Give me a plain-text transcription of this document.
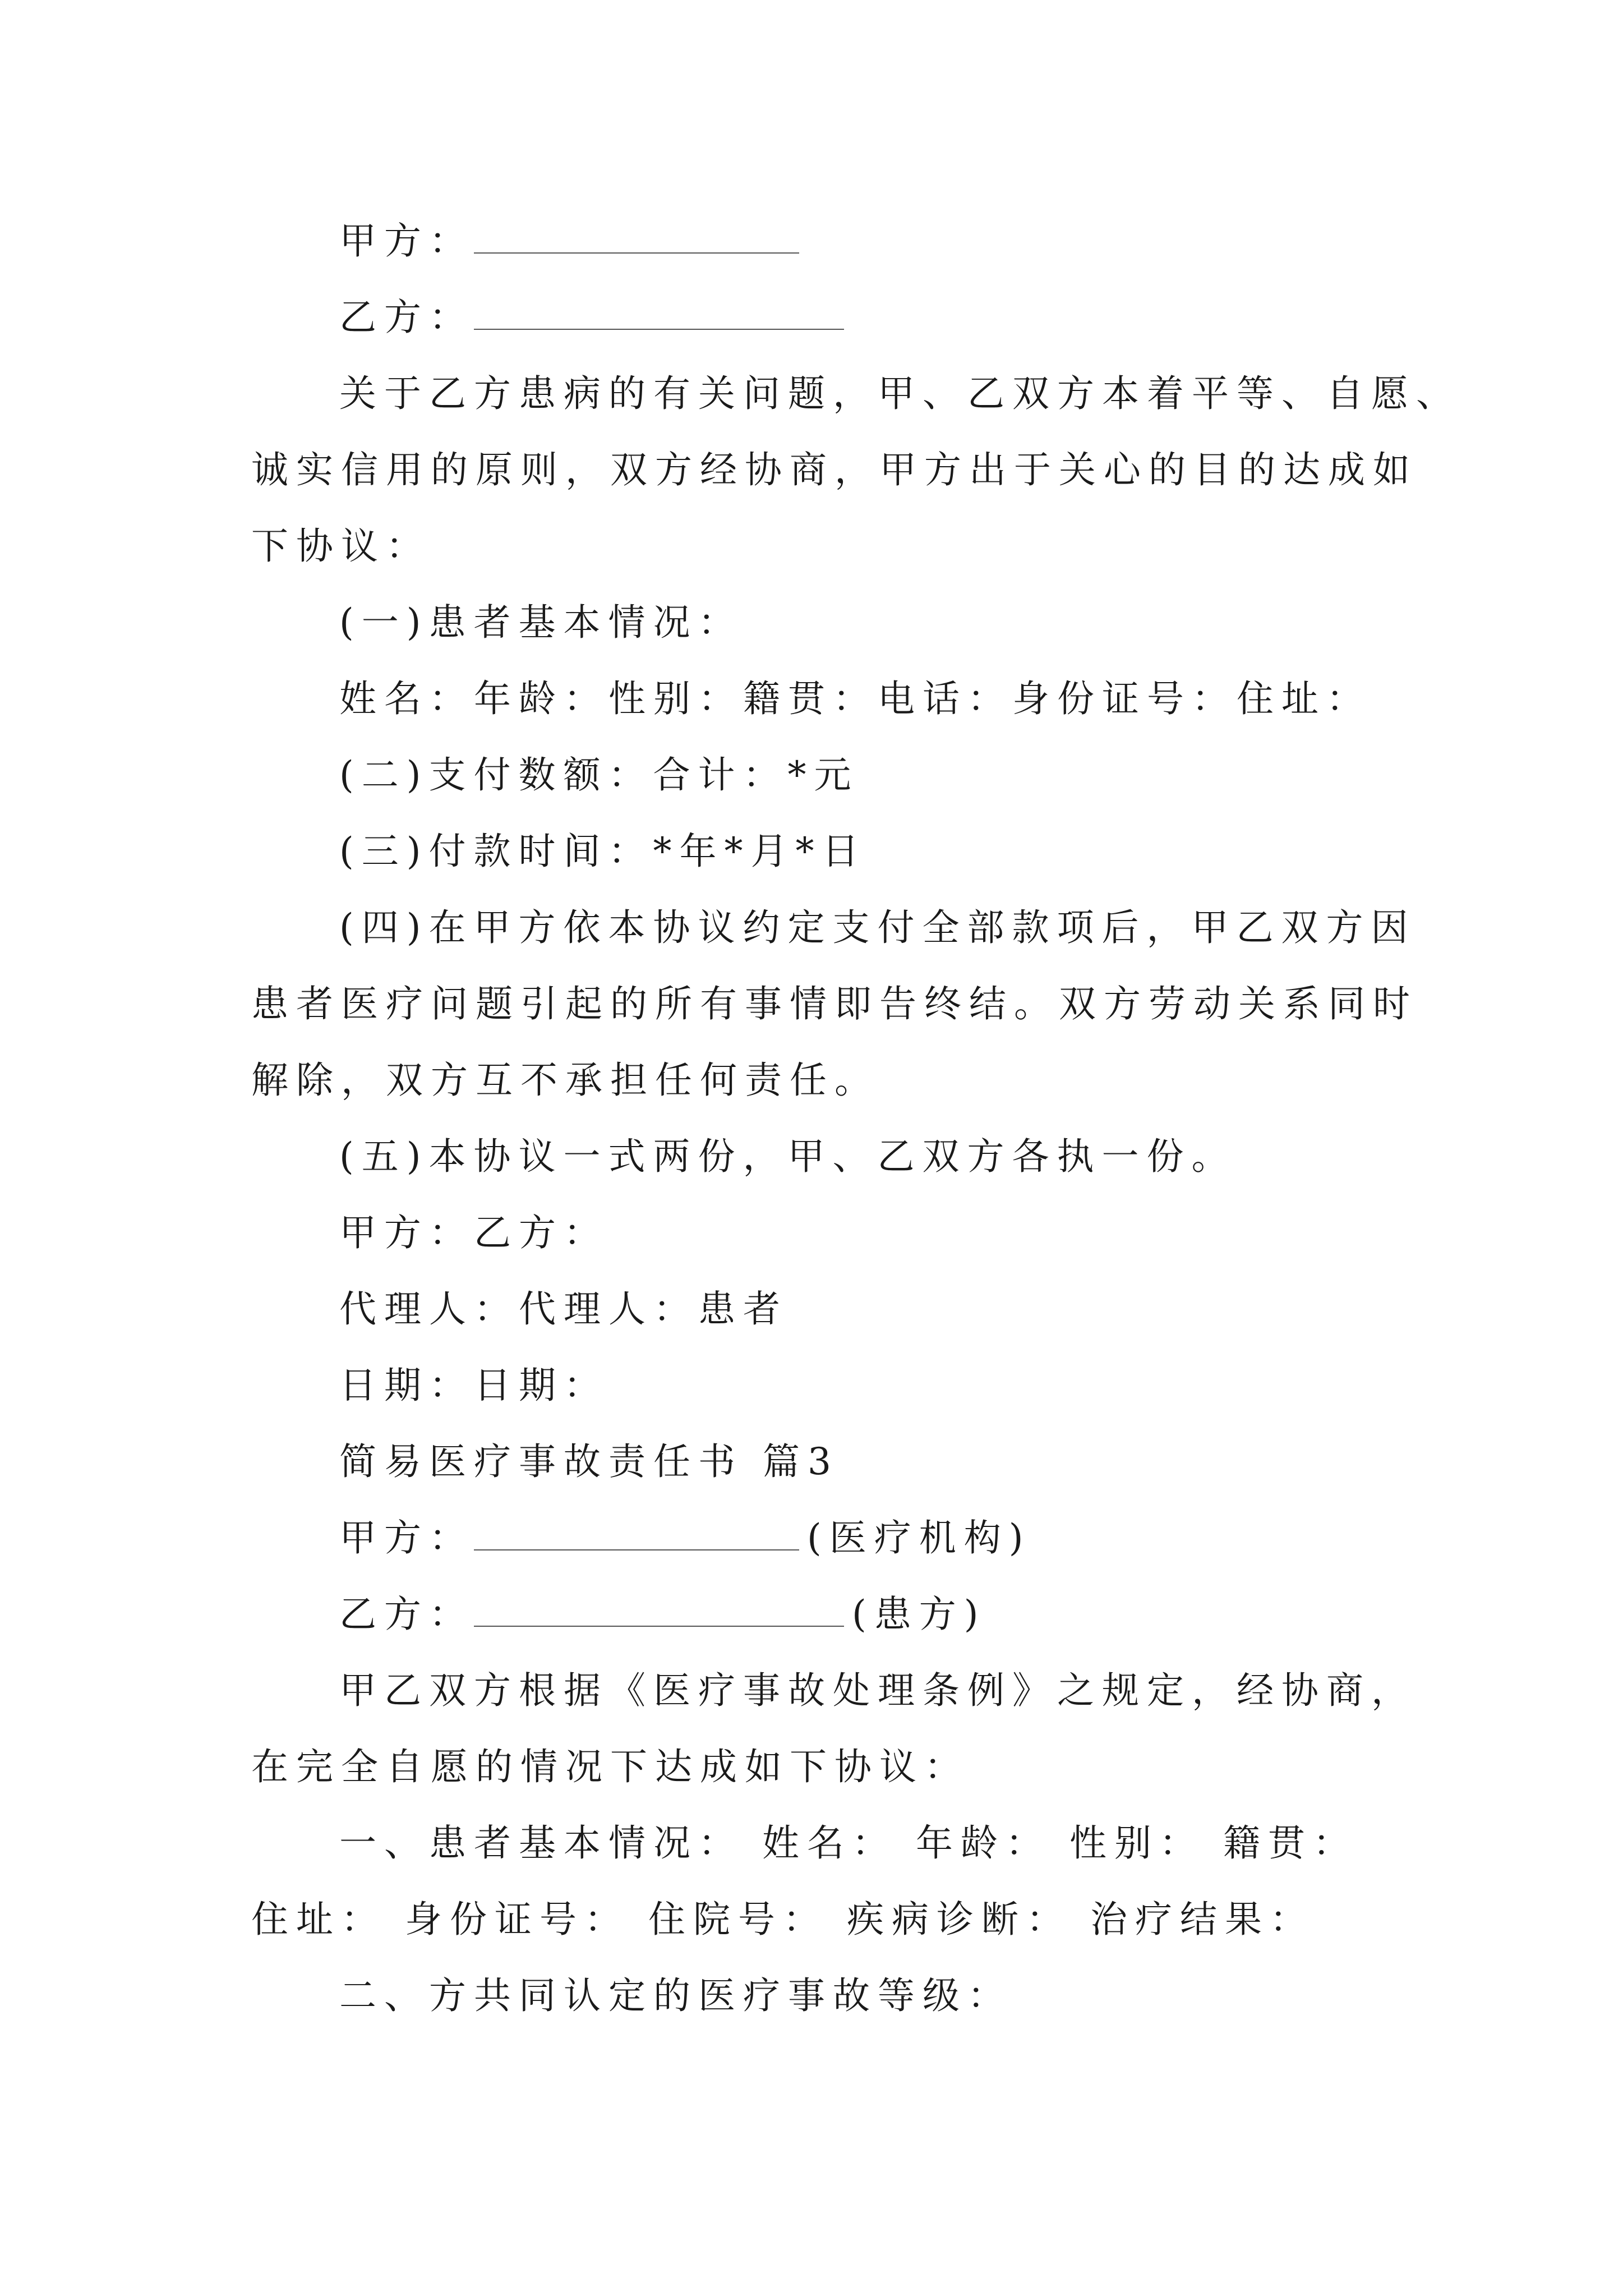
甲方：
乙方：
关于乙方患病的有关问题，甲、乙双方本着平等、自愿、
诚实信用的原则，双方经协商，甲方出于关心的目的达成如
下协议：
(一)患者基本情况：
姓名：年龄：性别：籍贯：电话：身份证号：住址：
(二)支付数额：合计：*元
(三)付款时间：*年*月*日
(四)在甲方依本协议约定支付全部款项后，甲乙双方因
患者医疗问题引起的所有事情即告终结。双方劳动关系同时
解除，双方互不承担任何责任。
(五)本协议一式两份，甲、乙双方各执一份。
甲方：乙方：
代理人：代理人：患者
日期：日期：
简易医疗事故责任书 篇3
甲方：	(医疗机构)
乙方：	(患方)
甲乙双方根据《医疗事故处理条例》之规定，经协商，
在完全自愿的情况下达成如下协议：
一、患者基本情况： 姓名： 年龄： 性别： 籍贯：
住址： 身份证号： 住院号： 疾病诊断： 治疗结果：
二、方共同认定的医疗事故等级：
